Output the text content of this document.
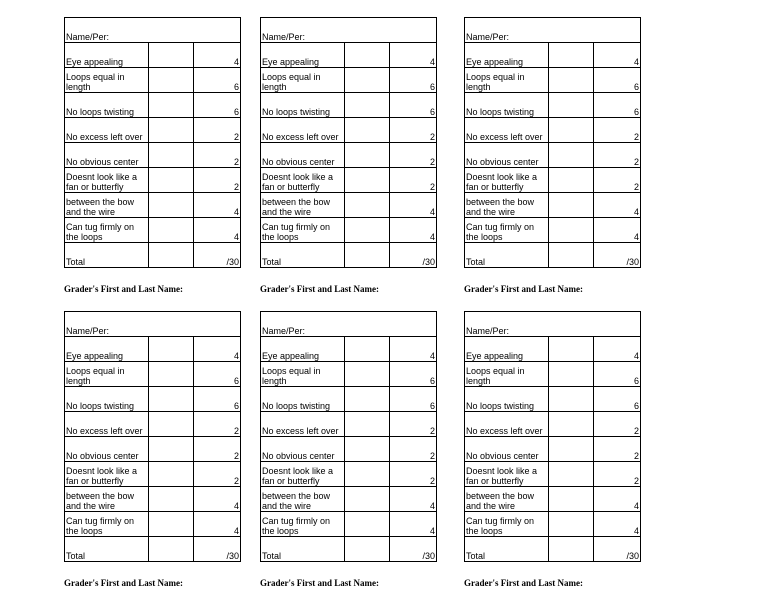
Name/Per:		

Eye appealing		4

Loops equal in
length		6

No loops twisting		6

No excess left over		2

No obvious center		2

Doesnt look like a
fan or butterfly		2

between the bow
and the wire		4

Can tug firmly on
the loops		4
Total		/30
Grader's First and Last Name:
Name/Per:		

Eye appealing		4

Loops equal in
length		6

No loops twisting		6

No excess left over		2

No obvious center		2

Doesnt look like a
fan or butterfly		2

between the bow
and the wire		4

Can tug firmly on
the loops		4
Total		/30
Grader's First and Last Name:
Name/Per:		

Eye appealing		4

Loops equal in
length		6

No loops twisting		6

No excess left over		2

No obvious center		2

Doesnt look like a
fan or butterfly		2

between the bow
and the wire		4

Can tug firmly on
the loops		4
Total		/30
Grader's First and Last Name:
Name/Per:		

Eye appealing		4

Loops equal in
length		6

No loops twisting		6

No excess left over		2

No obvious center		2

Doesnt look like a
fan or butterfly		2

between the bow
and the wire		4

Can tug firmly on
the loops		4
Total		/30
Grader's First and Last Name:
Name/Per:		

Eye appealing		4

Loops equal in
length		6

No loops twisting		6

No excess left over		2

No obvious center		2

Doesnt look like a
fan or butterfly		2

between the bow
and the wire		4

Can tug firmly on
the loops		4
Total		/30
Grader's First and Last Name:
Name/Per:		

Eye appealing		4

Loops equal in
length		6

No loops twisting		6

No excess left over		2

No obvious center		2

Doesnt look like a
fan or butterfly		2

between the bow
and the wire		4

Can tug firmly on
the loops		4
Total		/30
Grader's First and Last Name:
